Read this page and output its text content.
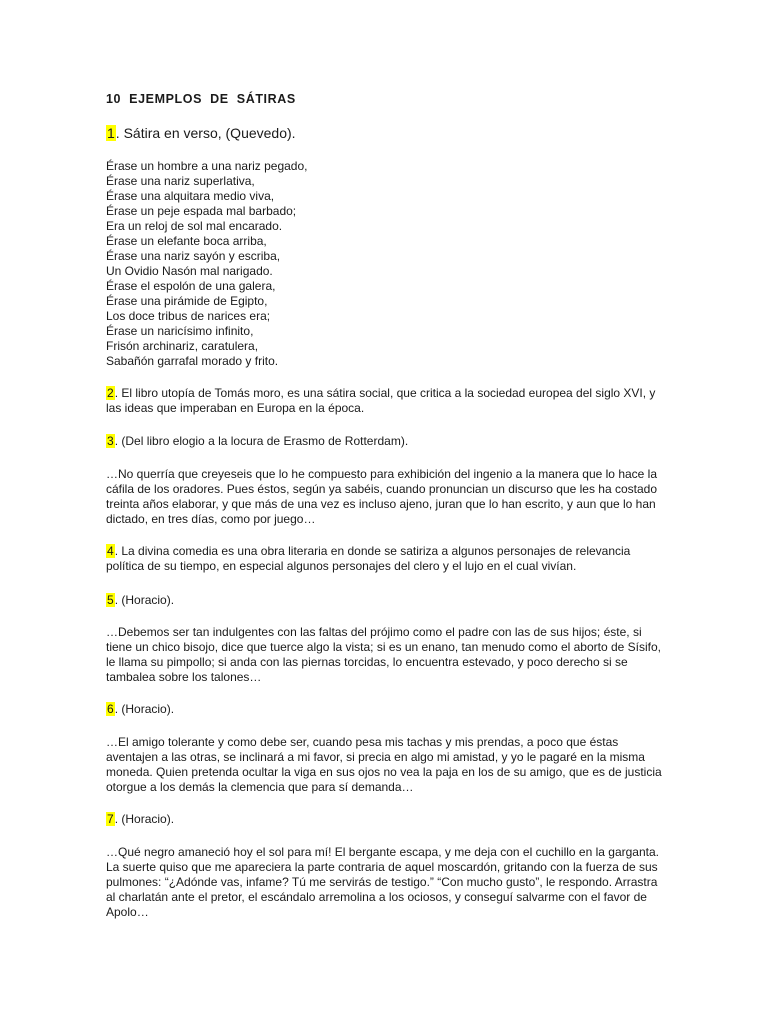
10 EJEMPLOS DE SÁTIRAS
1. Sátira en verso, (Quevedo).
Érase un hombre a una nariz pegado,
Érase una nariz superlativa,
Érase una alquitara medio viva,
Érase un peje espada mal barbado;
Era un reloj de sol mal encarado.
Érase un elefante boca arriba,
Érase una nariz sayón y escriba,
Un Ovidio Nasón mal narigado.
Érase el espolón de una galera,
Érase una pirámide de Egipto,
Los doce tribus de narices era;
Érase un naricísimo infinito,
Frisón archinariz, caratulera,
Sabañón garrafal morado y frito.
2. El libro utopía de Tomás moro, es una sátira social, que critica a la sociedad europea del siglo XVI, y las ideas que imperaban en Europa en la época.
3. (Del libro elogio a la locura de Erasmo de Rotterdam).

…No querría que creyeseis que lo he compuesto para exhibición del ingenio a la manera que lo hace la cáfila de los oradores. Pues éstos, según ya sabéis, cuando pronuncian un discurso que les ha costado treinta años elaborar, y que más de una vez es incluso ajeno, juran que lo han escrito, y aun que lo han dictado, en tres días, como por juego…

4. La divina comedia es una obra literaria en donde se satiriza a algunos personajes de relevancia política de su tiempo, en especial algunos personajes del clero y el lujo en el cual vivían.
5. (Horacio).

…Debemos ser tan indulgentes con las faltas del prójimo como el padre con las de sus hijos; éste, si tiene un chico bisojo, dice que tuerce algo la vista; si es un enano, tan menudo como el aborto de Sísifo, le llama su pimpollo; si anda con las piernas torcidas, lo encuentra estevado, y poco derecho si se tambalea sobre los talones…

6. (Horacio).

…El amigo tolerante y como debe ser, cuando pesa mis tachas y mis prendas, a poco que éstas aventajen a las otras, se inclinará a mi favor, si precia en algo mi amistad, y yo le pagaré en la misma moneda. Quien pretenda ocultar la viga en sus ojos no vea la paja en los de su amigo, que es de justicia otorgue a los demás la clemencia que para sí demanda…

7. (Horacio).

…Qué negro amaneció hoy el sol para mí! El bergante escapa, y me deja con el cuchillo en la garganta. La suerte quiso que me apareciera la parte contraria de aquel moscardón, gritando con la fuerza de sus pulmones: “¿Adónde vas, infame? Tú me servirás de testigo.” “Con mucho gusto”, le respondo. Arrastra al charlatán ante el pretor, el escándalo arremolina a los ociosos, y conseguí salvarme con el favor de Apolo…
